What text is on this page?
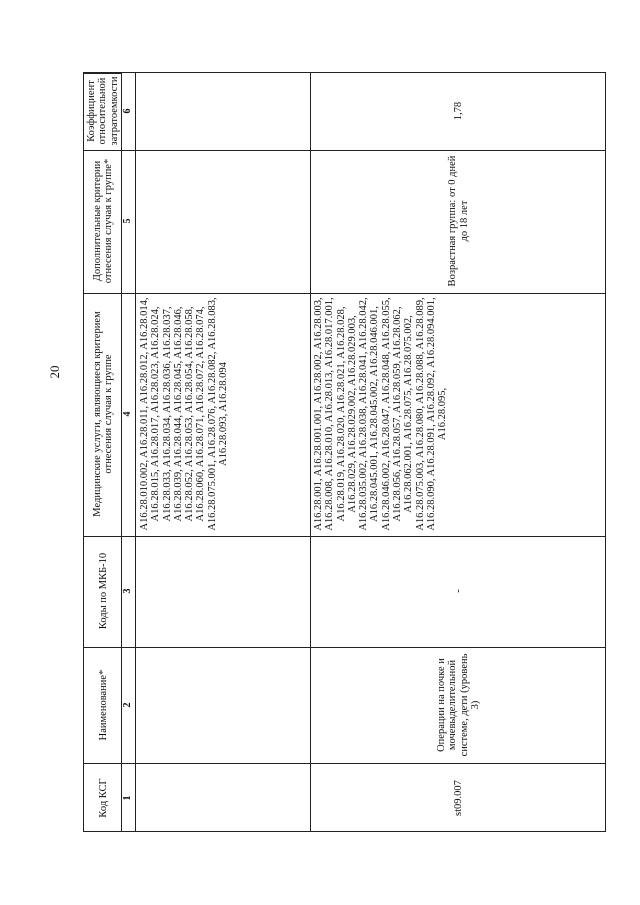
20
Код КСГ
Наименование*
Коды по МКБ-10
Медицинские услуги, являющиеся критерием отнесения случая к группе
Дополнительные критерии отнесения случая к группе*
Коэффициент относительной затратоемкости
1
2
3
4
5
6
A16.28.010.002, A16.28.011, A16.28.012, A16.28.014, A16.28.015, A16.28.017, A16.28.023, A16.28.024, A16.28.033, A16.28.034, A16.28.036, A16.28.037, A16.28.039, A16.28.044, A16.28.045, A16.28.046, A16.28.052, A16.28.053, A16.28.054, A16.28.058, A16.28.060, A16.28.071, A16.28.072, A16.28.074, A16.28.075.001, A16.28.076, A16.28.082, A16.28.083, A16.28.093, A16.28.094
st09.007
Операции на почке и мочевыделительной системе, дети (уровень 3)
-
A16.28.001, A16.28.001.001, A16.28.002, A16.28.003, A16.28.008, A16.28.010, A16.28.013, A16.28.017.001, A16.28.019, A16.28.020, A16.28.021, A16.28.028, A16.28.029, A16.28.029.002, A16.28.029.003, A16.28.035.002, A16.28.038, A16.28.041, A16.28.042, A16.28.045.001, A16.28.045.002, A16.28.046.001, A16.28.046.002, A16.28.047, A16.28.048, A16.28.055, A16.28.056, A16.28.057, A16.28.059, A16.28.062, A16.28.062.001, A16.28.075, A16.28.075.002, A16.28.075.003, A16.28.080, A16.28.088, A16.28.089, A16.28.090, A16.28.091, A16.28.092, A16.28.094.001, A16.28.095,
Возрастная группа: от 0 дней до 18 лет
1,78
